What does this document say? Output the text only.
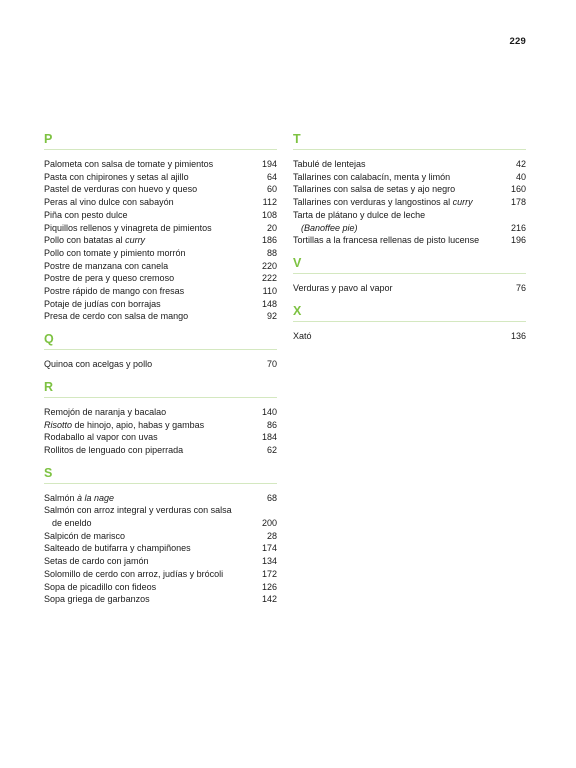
229
P
Palometa con salsa de tomate y pimientos	194
Pasta con chipirones y setas al ajillo	64
Pastel de verduras con huevo y queso	60
Peras al vino dulce con sabayón	112
Piña con pesto dulce	108
Piquillos rellenos y vinagreta de pimientos	20
Pollo con batatas al curry	186
Pollo con tomate y pimiento morrón	88
Postre de manzana con canela	220
Postre de pera y queso cremoso	222
Postre rápido de mango con fresas	110
Potaje de judías con borrajas	148
Presa de cerdo con salsa de mango	92
Q
Quinoa con acelgas y pollo	70
R
Remojón de naranja y bacalao	140
Risotto de hinojo, apio, habas y gambas	86
Rodaballo al vapor con uvas	184
Rollitos de lenguado con piperrada	62
S
Salmón à la nage	68
Salmón con arroz integral y verduras con salsa
de eneldo	200
Salpicón de marisco	28
Salteado de butifarra y champiñones	174
Setas de cardo con jamón	134
Solomillo de cerdo con arroz, judías y brócoli	172
Sopa de picadillo con fideos	126
Sopa griega de garbanzos	142
T
Tabulé de lentejas	42
Tallarines con calabacín, menta y limón	40
Tallarines con salsa de setas y ajo negro	160
Tallarines con verduras y langostinos al curry	178
Tarta de plátano y dulce de leche
(Banoffee pie)	216
Tortillas a la francesa rellenas de pisto lucense	196
V
Verduras y pavo al vapor	76
X
Xató	136
